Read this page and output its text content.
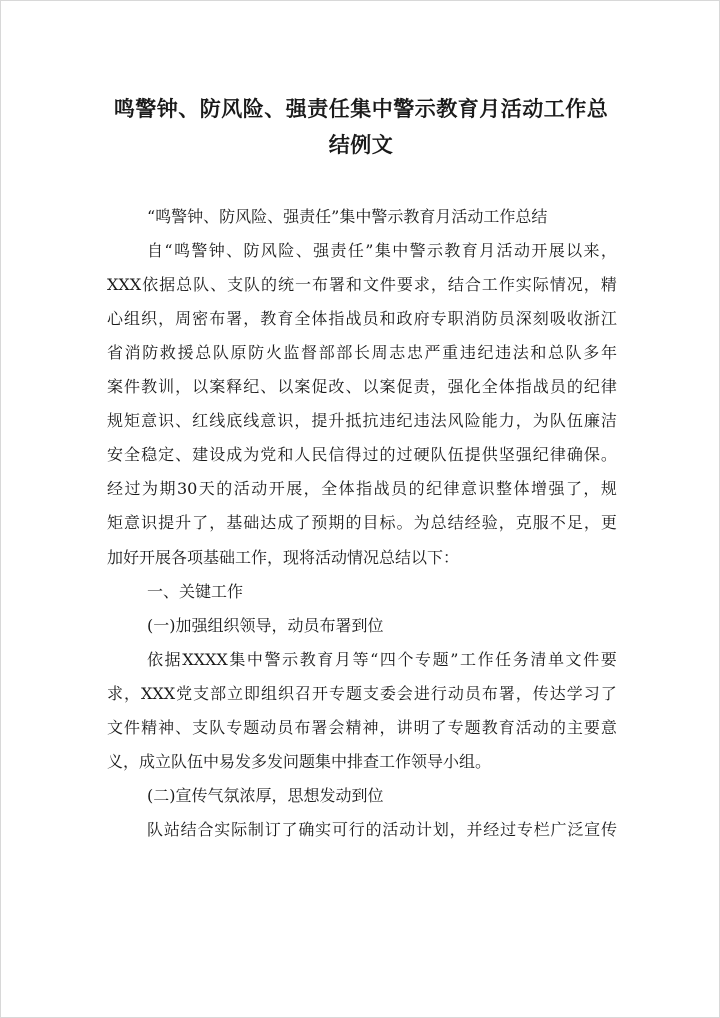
鸣警钟、防风险、强责任集中警示教育月活动工作总
结例文
“鸣警钟、防风险、强责任”集中警示教育月活动工作总结
自 “ 鸣 警 钟 、 防 风 险 、 强 责 任 ” 集 中 警 示 教 育 月 活 动 开 展 以 来 ，
XXX 依 据 总 队 、 支 队 的 统 一 布 署 和 文 件 要 求 ， 结 合 工 作 实 际 情 况 ， 精
心 组 织 ， 周 密 布 署 ， 教 育 全 体 指 战 员 和 政 府 专 职 消 防 员 深 刻 吸 收 浙 江
省 消 防 救 援 总 队 原 防 火 监 督 部 部 长 周 志 忠 严 重 违 纪 违 法 和 总 队 多 年
案 件 教 训 ， 以 案 释 纪 、 以 案 促 改 、 以 案 促 责 ， 强 化 全 体 指 战 员 的 纪 律
规 矩 意 识 、 红 线 底 线 意 识 ， 提 升 抵 抗 违 纪 违 法 风 险 能 力 ， 为 队 伍 廉 洁
安 全 稳 定 、 建 设 成 为 党 和 人 民 信 得 过 的 过 硬 队 伍 提 供 坚 强 纪 律 确 保 。
经 过 为 期 30 天 的 活 动 开 展 ， 全 体 指 战 员 的 纪 律 意 识 整 体 增 强 了 ， 规
矩 意 识 提 升 了 ， 基 础 达 成 了 预 期 的 目 标 。 为 总 结 经 验 ， 克 服 不 足 ， 更
加好开展各项基础工作，现将活动情况总结以下：
一、关键工作
(一)加强组织领导，动员布署到位
依 据 XXXX 集 中 警 示 教 育 月 等 “ 四 个 专 题 ” 工 作 任 务 清 单 文 件 要
求 ， XXX 党 支 部 立 即 组 织 召 开 专 题 支 委 会 进 行 动 员 布 署 ， 传 达 学 习 了
文 件 精 神 、 支 队 专 题 动 员 布 署 会 精 神 ， 讲 明 了 专 题 教 育 活 动 的 主 要 意
义，成立队伍中易发多发问题集中排查工作领导小组。
(二)宣传气氛浓厚，思想发动到位
队 站 结 合 实 际 制 订 了 确 实 可 行 的 活 动 计 划 ， 并 经 过 专 栏 广 泛 宣 传
